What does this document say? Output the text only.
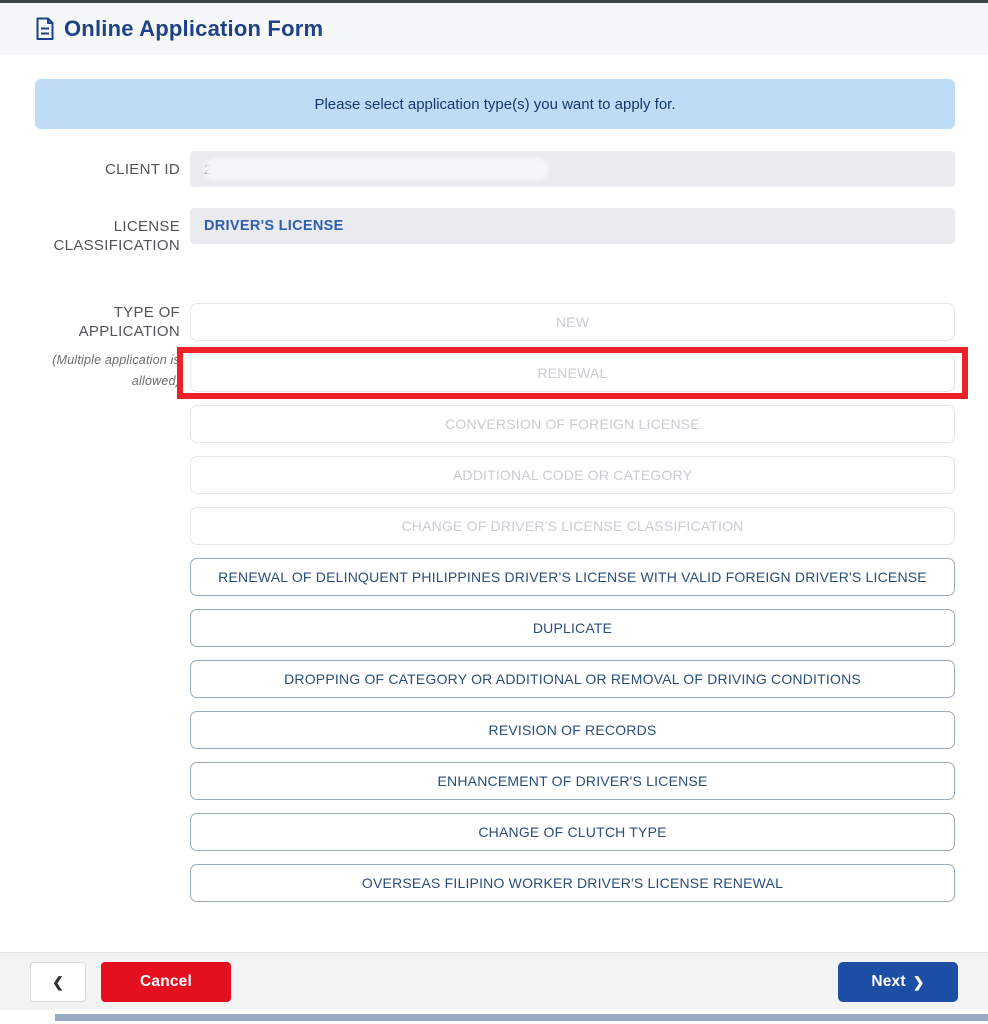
Online Application Form
Please select application type(s) you want to apply for.
CLIENT ID
LICENSE CLASSIFICATION
DRIVER'S LICENSE
TYPE OF APPLICATION
(Multiple application is allowed)
NEW
RENEWAL
CONVERSION OF FOREIGN LICENSE
ADDITIONAL CODE OR CATEGORY
CHANGE OF DRIVER'S LICENSE CLASSIFICATION
RENEWAL OF DELINQUENT PHILIPPINES DRIVER'S LICENSE WITH VALID FOREIGN DRIVER'S LICENSE
DUPLICATE
DROPPING OF CATEGORY OR ADDITIONAL OR REMOVAL OF DRIVING CONDITIONS
REVISION OF RECORDS
ENHANCEMENT OF DRIVER'S LICENSE
CHANGE OF CLUTCH TYPE
OVERSEAS FILIPINO WORKER DRIVER'S LICENSE RENEWAL
❮	Cancel	Next ❯
